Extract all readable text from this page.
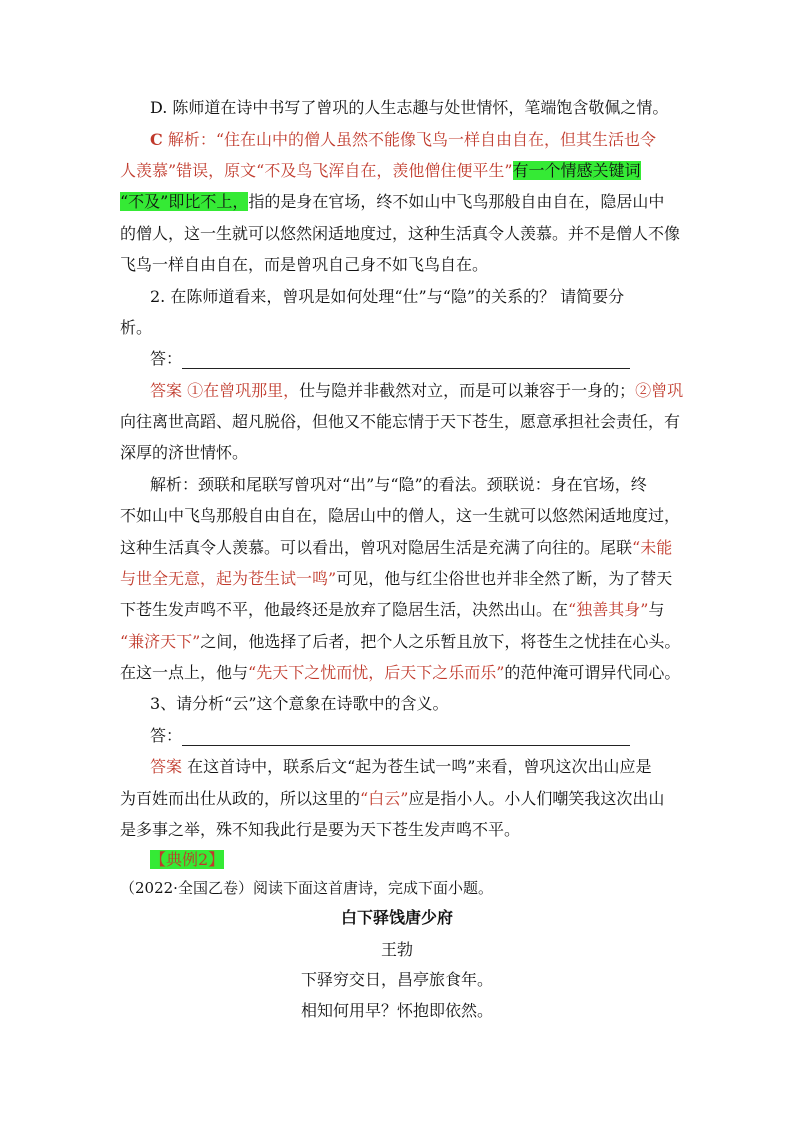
D. 陈师道在诗中书写了曾巩的人生志趣与处世情怀，笔端饱含敬佩之情。
C 解析：“住在山中的僧人虽然不能像飞鸟一样自由自在，但其生活也令
人羡慕”错误，原文“不及鸟飞浑自在，羡他僧住便平生”有一个情感关键词
“不及”即比不上，指的是身在官场，终不如山中飞鸟那般自由自在，隐居山中
的僧人，这一生就可以悠然闲适地度过，这种生活真令人羡慕。并不是僧人不像
飞鸟一样自由自在，而是曾巩自己身不如飞鸟自在。
2. 在陈师道看来，曾巩是如何处理“仕”与“隐”的关系的？ 请简要分
析。
答：
答案 ①在曾巩那里，仕与隐并非截然对立，而是可以兼容于一身的；②曾巩
向往离世高蹈、超凡脱俗，但他又不能忘情于天下苍生，愿意承担社会责任，有
深厚的济世情怀。
解析：颈联和尾联写曾巩对“出”与“隐”的看法。颈联说：身在官场，终
不如山中飞鸟那般自由自在，隐居山中的僧人，这一生就可以悠然闲适地度过，
这种生活真令人羡慕。可以看出，曾巩对隐居生活是充满了向往的。尾联“未能
与世全无意，起为苍生试一鸣”可见，他与红尘俗世也并非全然了断，为了替天
下苍生发声鸣不平，他最终还是放弃了隐居生活，决然出山。在“独善其身”与
“兼济天下”之间，他选择了后者，把个人之乐暂且放下，将苍生之忧挂在心头。
在这一点上，他与“先天下之忧而忧，后天下之乐而乐”的范仲淹可谓异代同心。
3、请分析“云”这个意象在诗歌中的含义。
答：
答案 在这首诗中，联系后文“起为苍生试一鸣”来看，曾巩这次出山应是
为百姓而出仕从政的，所以这里的“白云”应是指小人。小人们嘲笑我这次出山
是多事之举，殊不知我此行是要为天下苍生发声鸣不平。
【典例2】
（2022·全国乙卷）阅读下面这首唐诗，完成下面小题。
白下驿饯唐少府
王勃
下驿穷交日，昌亭旅食年。
相知何用早？怀抱即依然。
